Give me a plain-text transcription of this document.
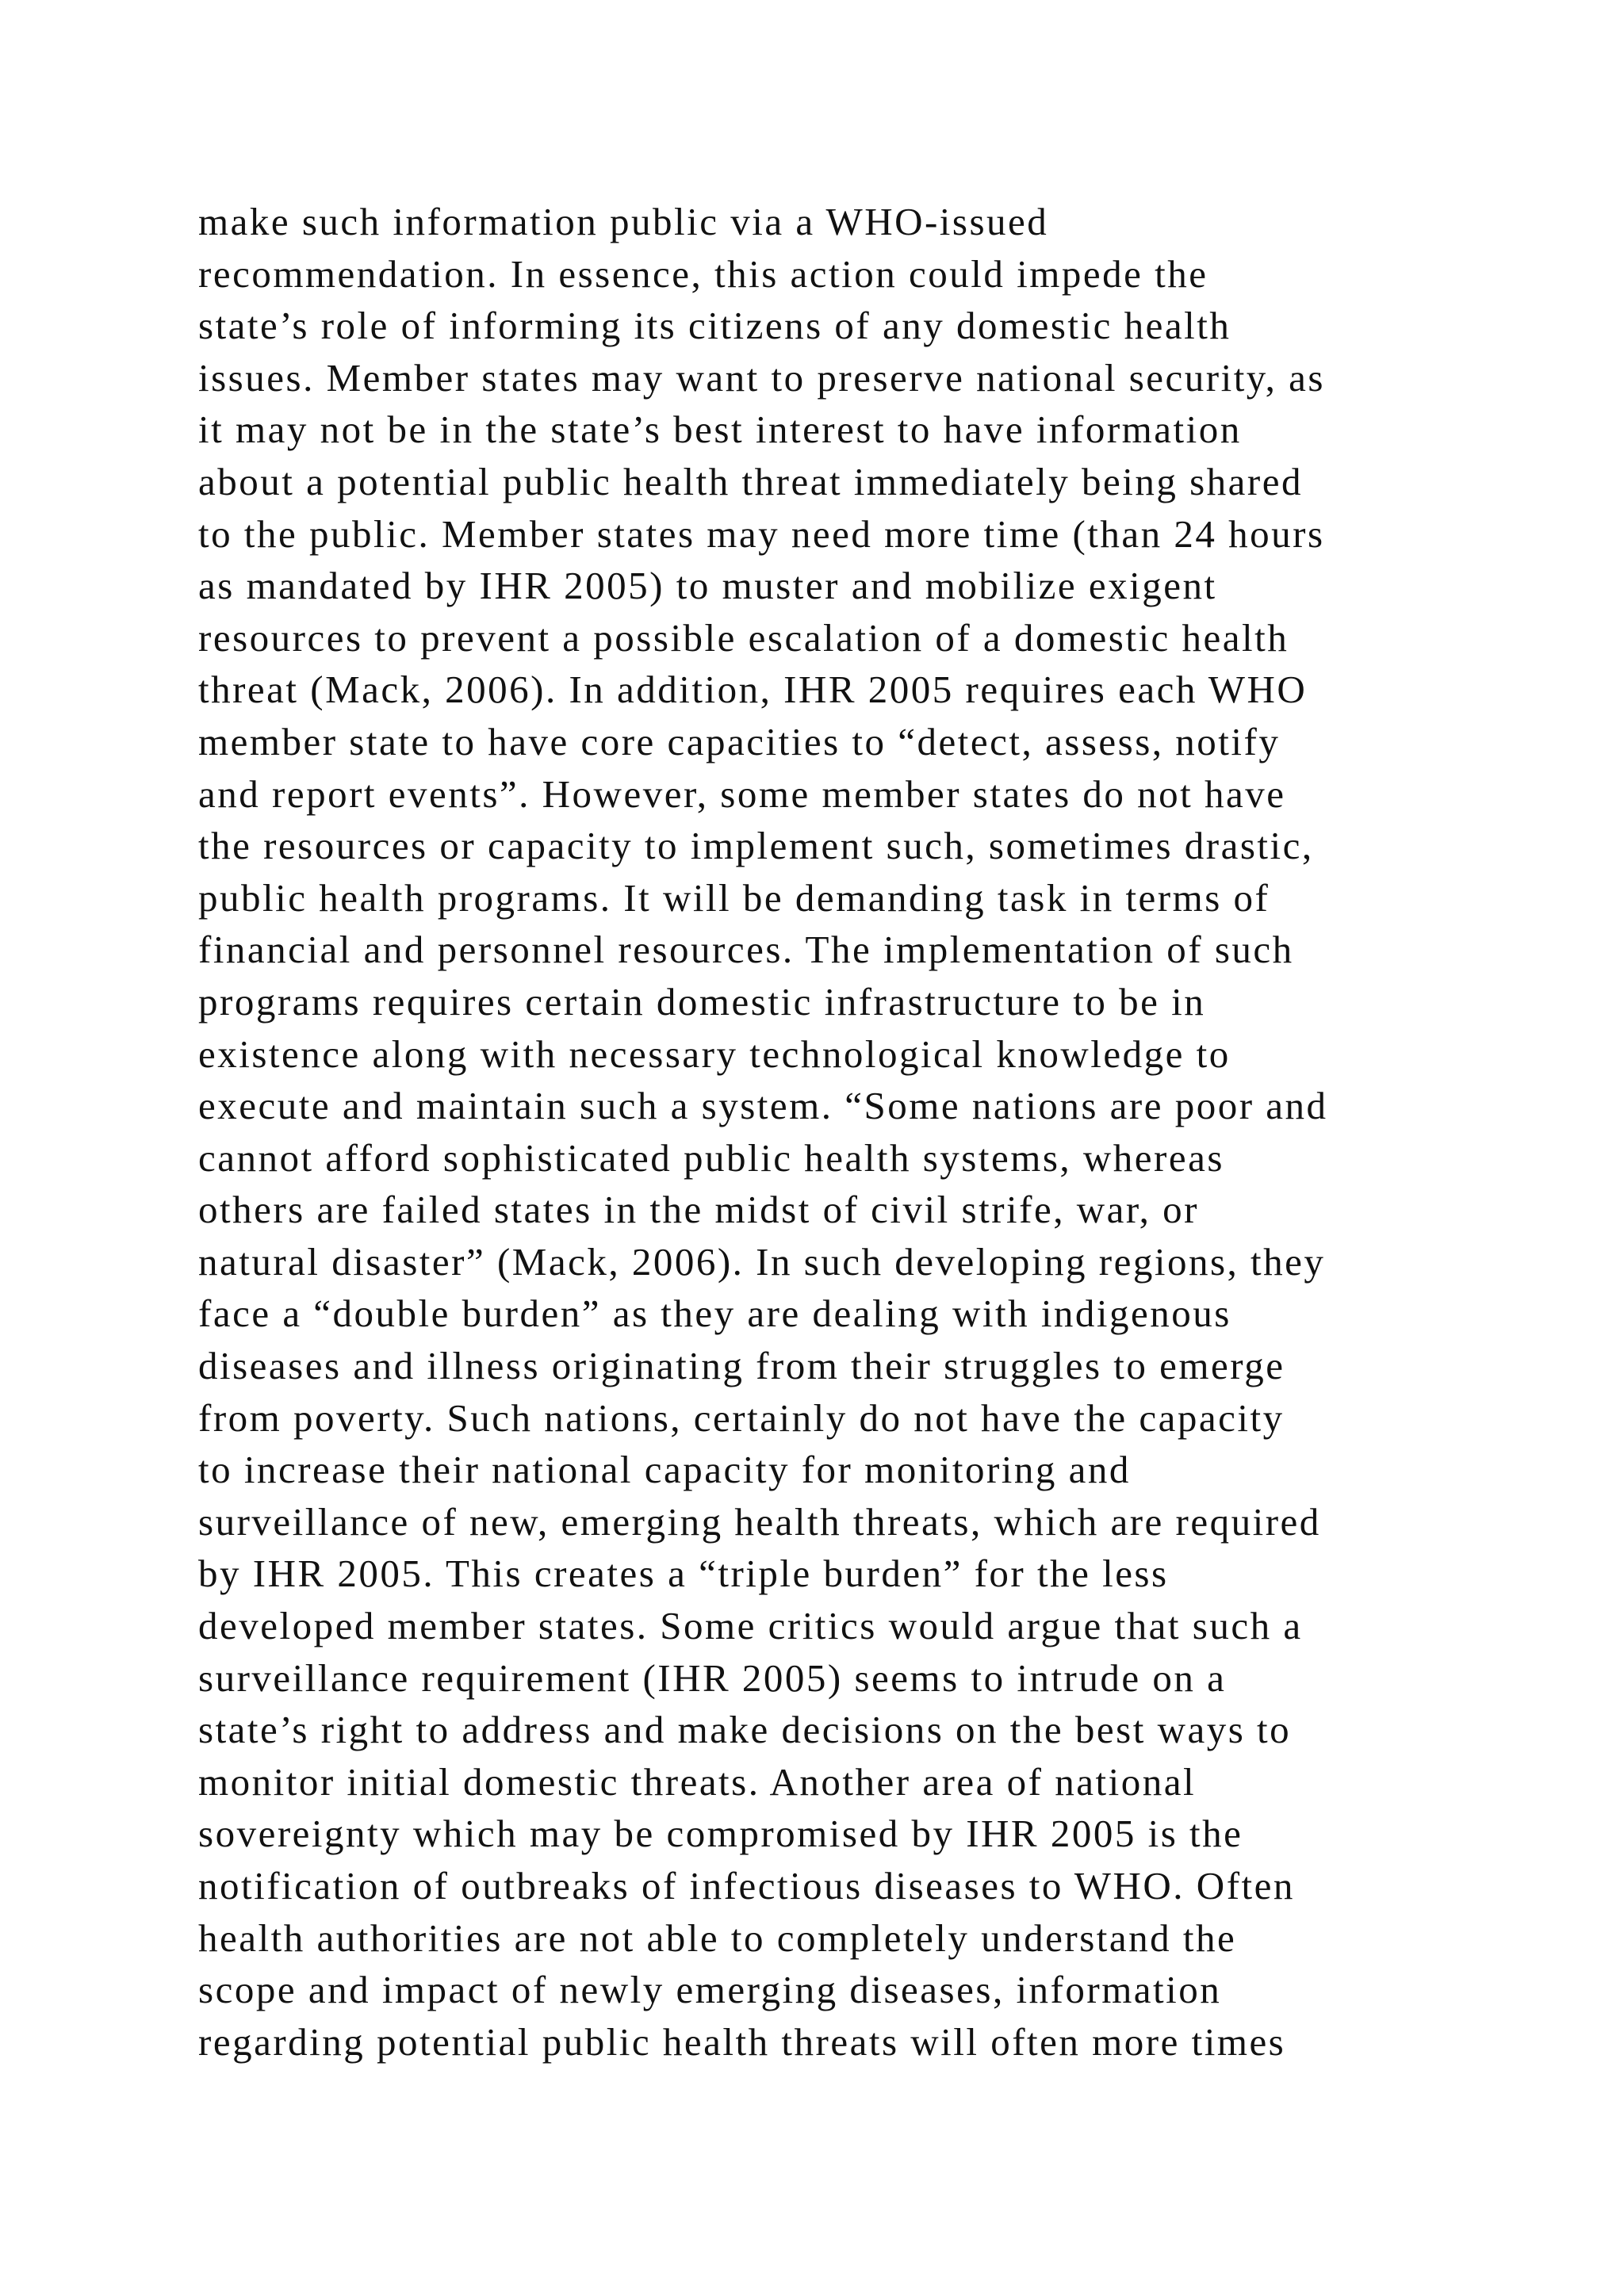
make such information public via a WHO-issued
recommendation. In essence, this action could impede the
state’s role of informing its citizens of any domestic health
issues. Member states may want to preserve national security, as
it may not be in the state’s best interest to have information
about a potential public health threat immediately being shared
to the public. Member states may need more time (than 24 hours
as mandated by IHR 2005) to muster and mobilize exigent
resources to prevent a possible escalation of a domestic health
threat (Mack, 2006). In addition, IHR 2005 requires each WHO
member state to have core capacities to “detect, assess, notify
and report events”. However, some member states do not have
the resources or capacity to implement such, sometimes drastic,
public health programs. It will be demanding task in terms of
financial and personnel resources. The implementation of such
programs requires certain domestic infrastructure to be in
existence along with necessary technological knowledge to
execute and maintain such a system. “Some nations are poor and
cannot afford sophisticated public health systems, whereas
others are failed states in the midst of civil strife, war, or
natural disaster” (Mack, 2006). In such developing regions, they
face a “double burden” as they are dealing with indigenous
diseases and illness originating from their struggles to emerge
from poverty. Such nations, certainly do not have the capacity
to increase their national capacity for monitoring and
surveillance of new, emerging health threats, which are required
by IHR 2005. This creates a “triple burden” for the less
developed member states. Some critics would argue that such a
surveillance requirement (IHR 2005) seems to intrude on a
state’s right to address and make decisions on the best ways to
monitor initial domestic threats. Another area of national
sovereignty which may be compromised by IHR 2005 is the
notification of outbreaks of infectious diseases to WHO. Often
health authorities are not able to completely understand the
scope and impact of newly emerging diseases, information
regarding potential public health threats will often more times
